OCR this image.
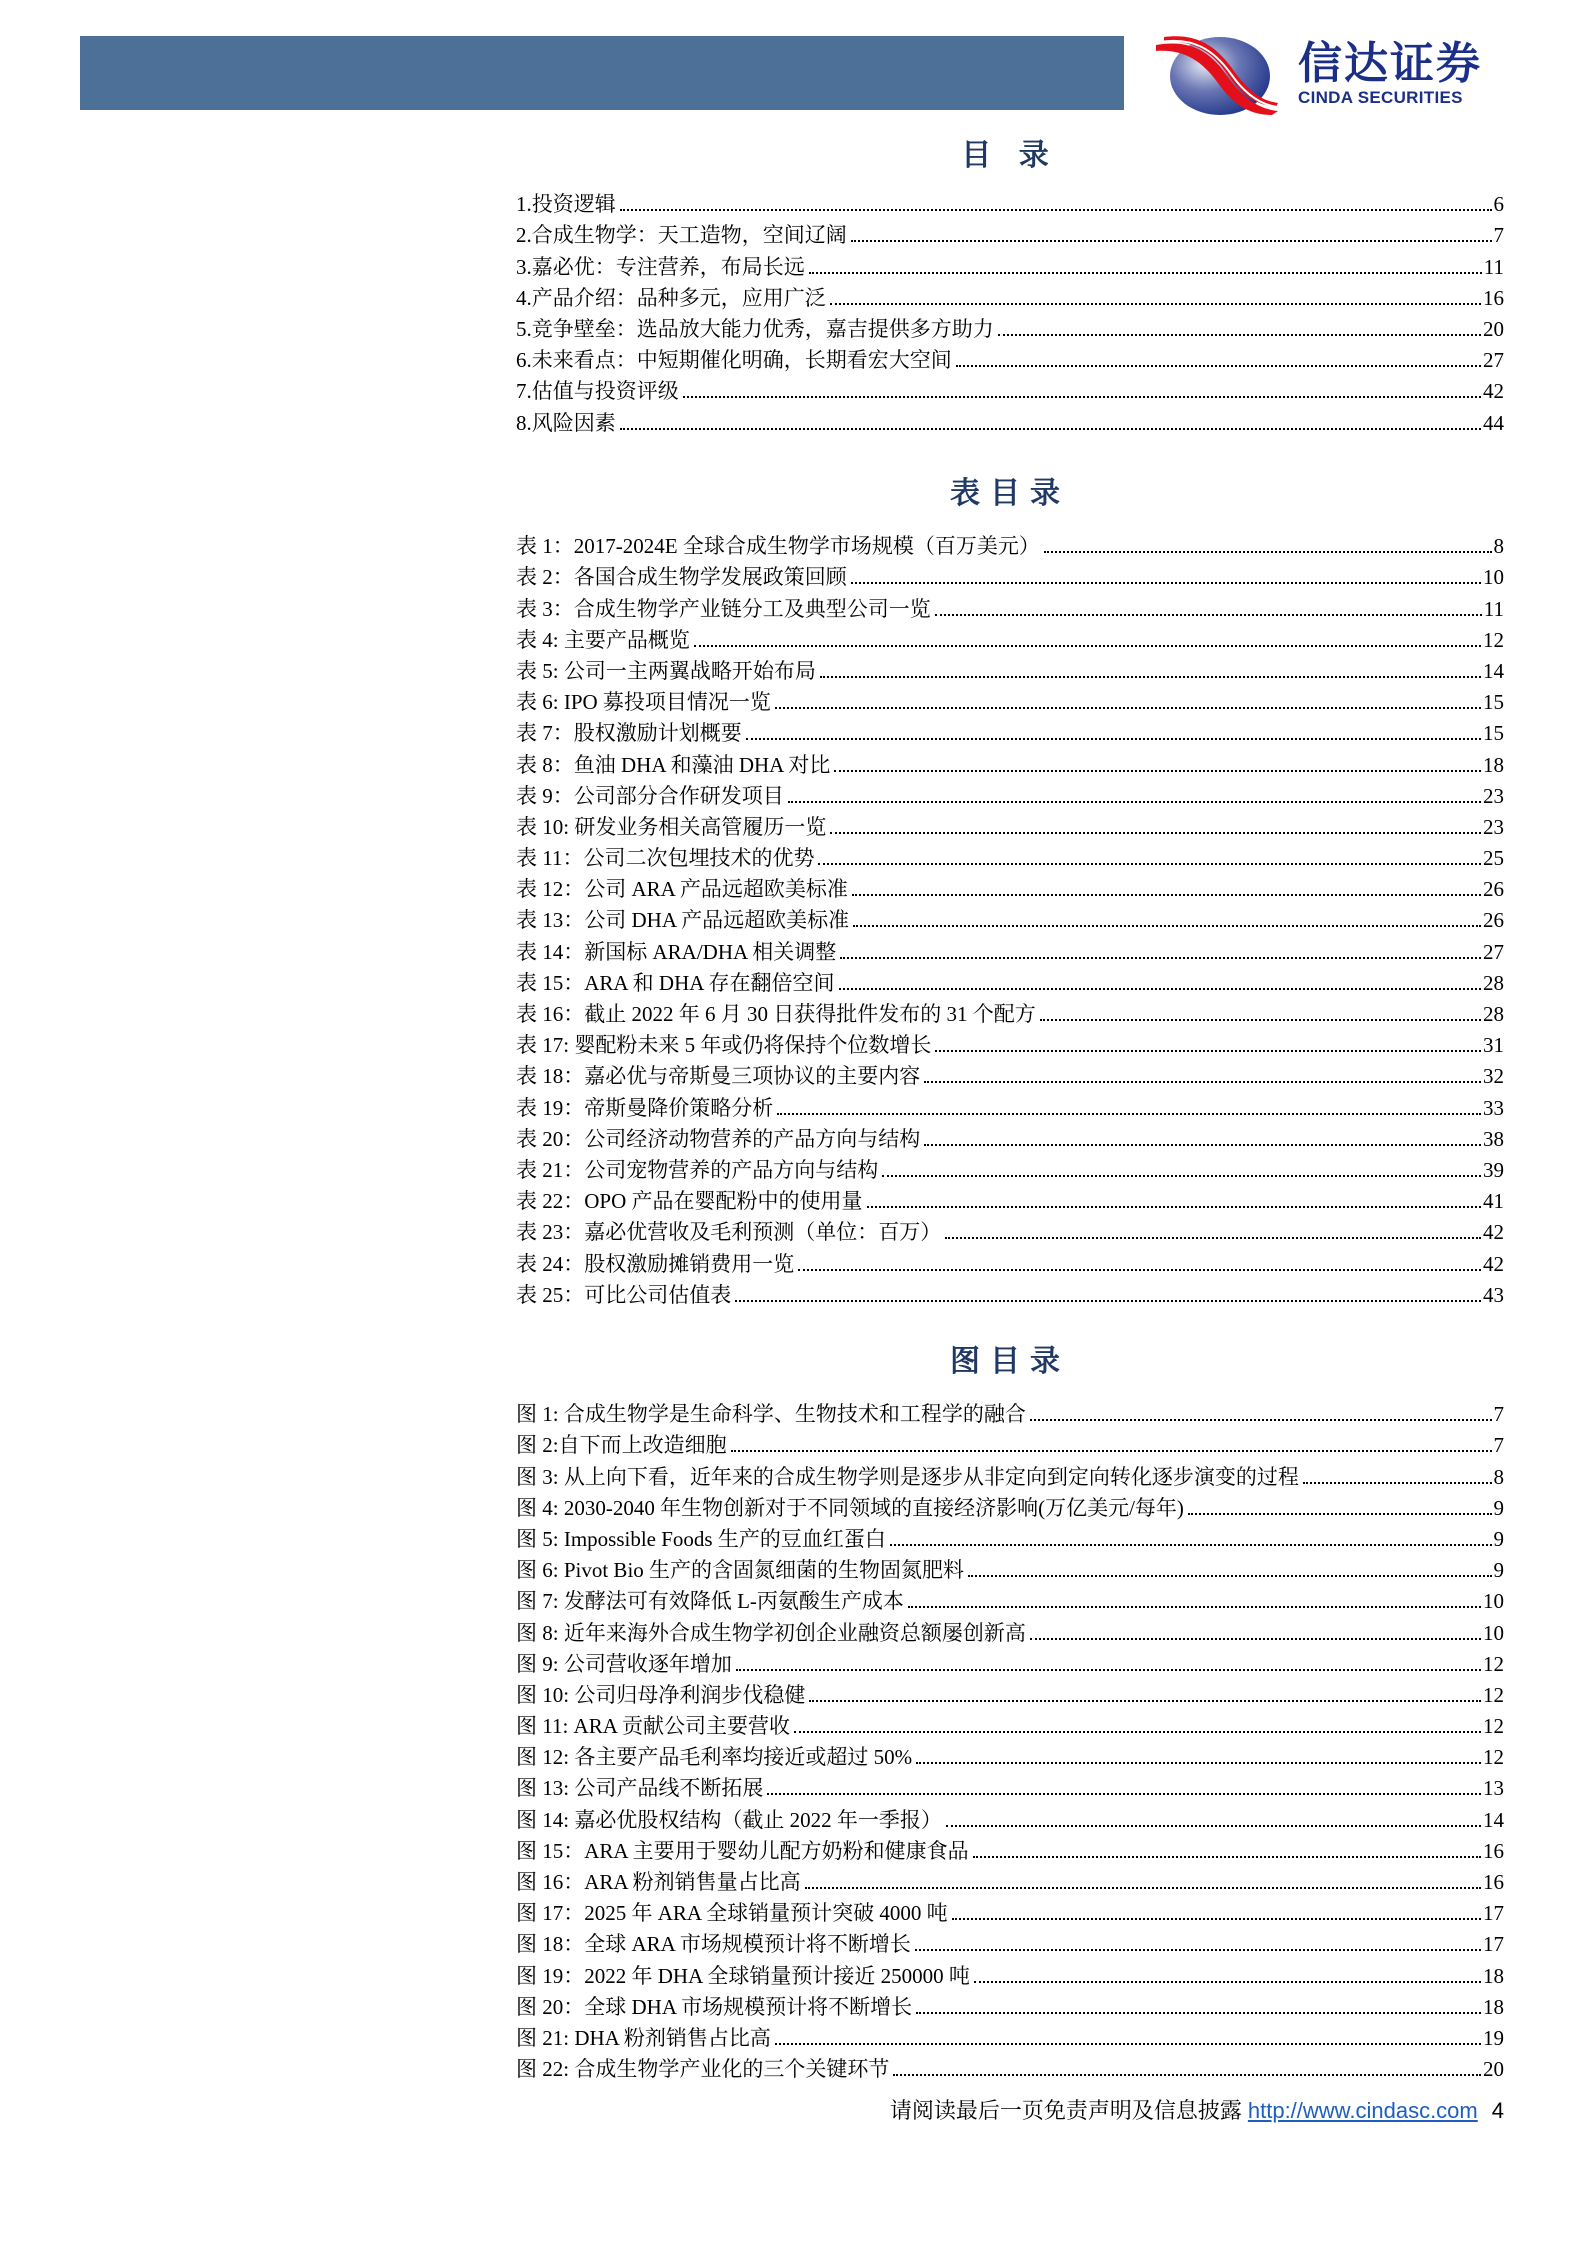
信达证券
CINDA SECURITIES
目 录
1.投资逻辑	6
2.合成生物学：天工造物，空间辽阔	7
3.嘉必优：专注营养，布局长远	11
4.产品介绍：品种多元，应用广泛	16
5.竞争壁垒：选品放大能力优秀，嘉吉提供多方助力	20
6.未来看点：中短期催化明确，长期看宏大空间	27
7.估值与投资评级	42
8.风险因素	44
表目录
表 1：2017-2024E 全球合成生物学市场规模（百万美元）	8
表 2：各国合成生物学发展政策回顾	10
表 3：合成生物学产业链分工及典型公司一览	11
表 4: 主要产品概览	12
表 5: 公司一主两翼战略开始布局	14
表 6: IPO 募投项目情况一览	15
表 7：股权激励计划概要	15
表 8：鱼油 DHA 和藻油 DHA 对比	18
表 9：公司部分合作研发项目	23
表 10: 研发业务相关高管履历一览	23
表 11：公司二次包埋技术的优势	25
表 12：公司 ARA 产品远超欧美标准	26
表 13：公司 DHA 产品远超欧美标准	26
表 14：新国标 ARA/DHA 相关调整	27
表 15：ARA 和 DHA 存在翻倍空间	28
表 16：截止 2022 年 6 月 30 日获得批件发布的 31 个配方	28
表 17: 婴配粉未来 5 年或仍将保持个位数增长	31
表 18：嘉必优与帝斯曼三项协议的主要内容	32
表 19：帝斯曼降价策略分析	33
表 20：公司经济动物营养的产品方向与结构	38
表 21：公司宠物营养的产品方向与结构	39
表 22：OPO 产品在婴配粉中的使用量	41
表 23：嘉必优营收及毛利预测（单位：百万）	42
表 24：股权激励摊销费用一览	42
表 25：可比公司估值表	43
图目录
图 1: 合成生物学是生命科学、生物技术和工程学的融合	7
图 2:自下而上改造细胞	7
图 3: 从上向下看，近年来的合成生物学则是逐步从非定向到定向转化逐步演变的过程	8
图 4: 2030-2040 年生物创新对于不同领域的直接经济影响(万亿美元/每年)	9
图 5: Impossible Foods 生产的豆血红蛋白	9
图 6: Pivot Bio 生产的含固氮细菌的生物固氮肥料	9
图 7: 发酵法可有效降低 L-丙氨酸生产成本	10
图 8: 近年来海外合成生物学初创企业融资总额屡创新高	10
图 9: 公司营收逐年增加	12
图 10: 公司归母净利润步伐稳健	12
图 11: ARA 贡献公司主要营收	12
图 12: 各主要产品毛利率均接近或超过 50%	12
图 13: 公司产品线不断拓展	13
图 14: 嘉必优股权结构（截止 2022 年一季报）	14
图 15：ARA 主要用于婴幼儿配方奶粉和健康食品	16
图 16：ARA 粉剂销售量占比高	16
图 17：2025 年 ARA 全球销量预计突破 4000 吨	17
图 18：全球 ARA 市场规模预计将不断增长	17
图 19：2022 年 DHA 全球销量预计接近 250000 吨	18
图 20：全球 DHA 市场规模预计将不断增长	18
图 21: DHA 粉剂销售占比高	19
图 22: 合成生物学产业化的三个关键环节	20
请阅读最后一页免责声明及信息披露 http://www.cindasc.com 4
